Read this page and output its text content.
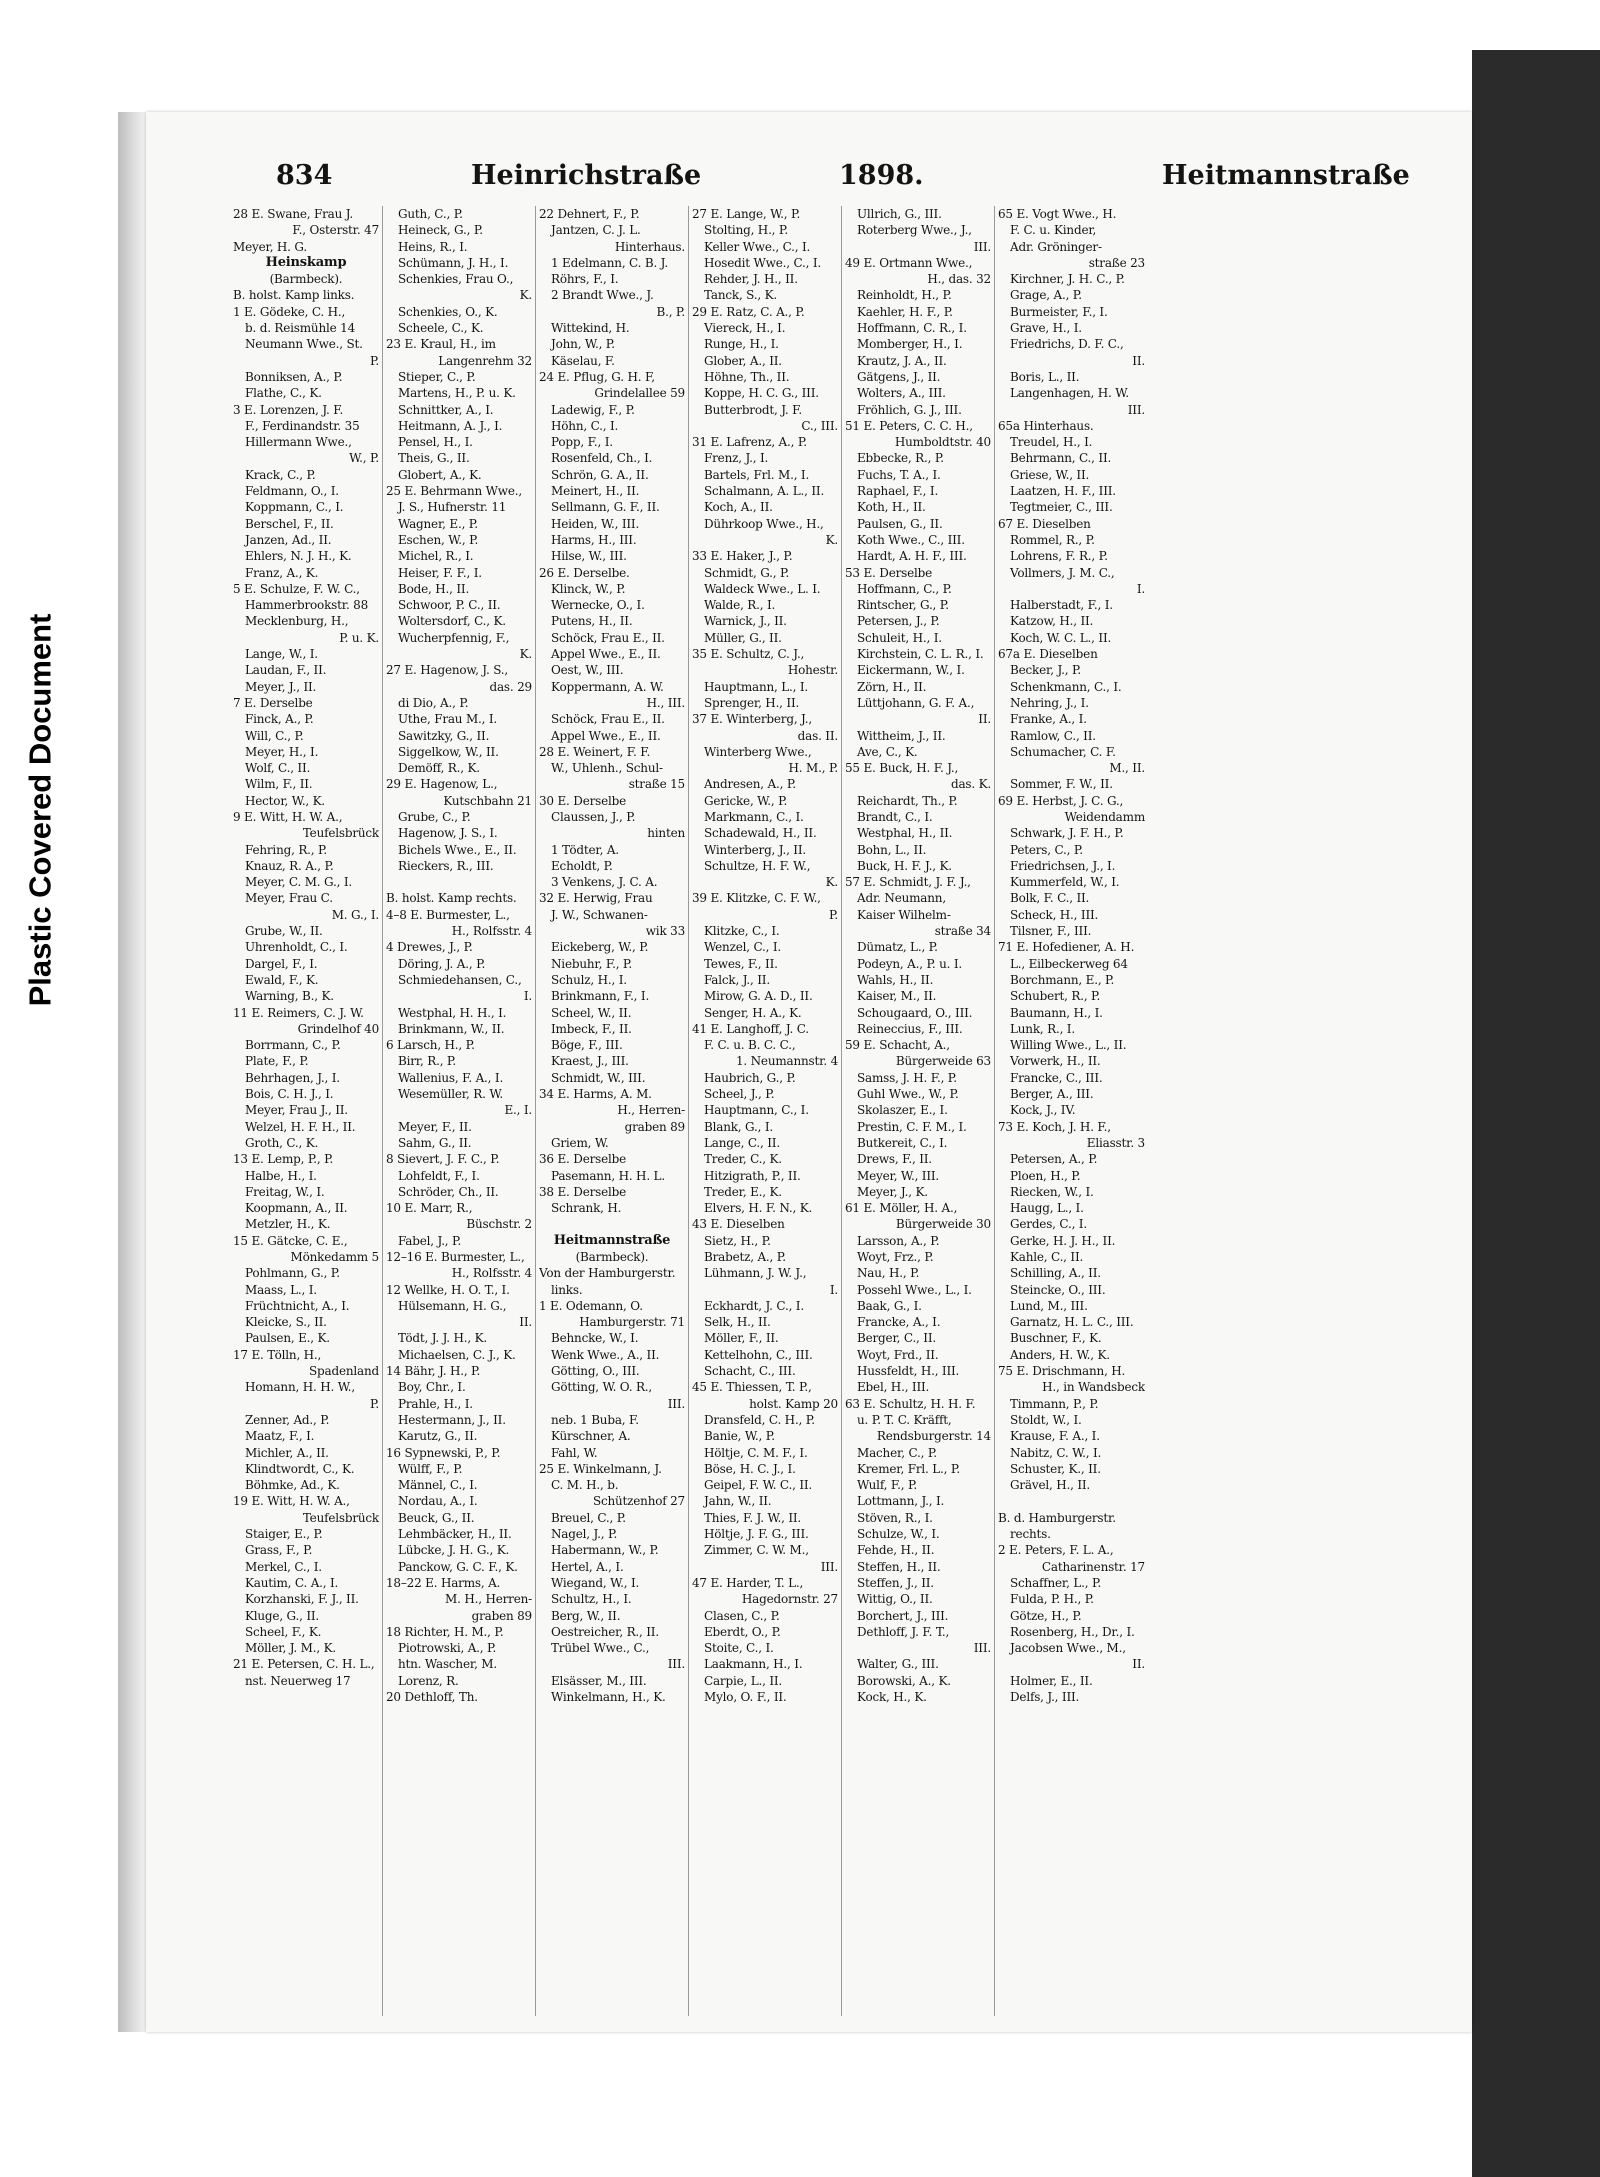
Plastic Covered Document
834	Heinrichstraße	1898.	Heitmannstraße
28 E. Swane, Frau J.
F., Osterstr. 47
Meyer, H. G.
Heinskamp
(Barmbeck).
B. holst. Kamp links.
1 E. Gödeke, C. H.,
b. d. Reismühle 14
Neumann Wwe., St.
P.
Bonniksen, A., P.
Flathe, C., K.
3 E. Lorenzen, J. F.
F., Ferdinandstr. 35
Hillermann Wwe.,
W., P.
Krack, C., P.
Feldmann, O., I.
Koppmann, C., I.
Berschel, F., II.
Janzen, Ad., II.
Ehlers, N. J. H., K.
Franz, A., K.
5 E. Schulze, F. W. C.,
Hammerbrookstr. 88
Mecklenburg, H.,
P. u. K.
Lange, W., I.
Laudan, F., II.
Meyer, J., II.
7 E. Derselbe
Finck, A., P.
Will, C., P.
Meyer, H., I.
Wolf, C., II.
Wilm, F., II.
Hector, W., K.
9 E. Witt, H. W. A.,
Teufelsbrück
Fehring, R., P.
Knauz, R. A., P.
Meyer, C. M. G., I.
Meyer, Frau C.
M. G., I.
Grube, W., II.
Uhrenholdt, C., I.
Dargel, F., I.
Ewald, F., K.
Warning, B., K.
11 E. Reimers, C. J. W.
Grindelhof 40
Borrmann, C., P.
Plate, F., P.
Behrhagen, J., I.
Bois, C. H. J., I.
Meyer, Frau J., II.
Welzel, H. F. H., II.
Groth, C., K.
13 E. Lemp, P., P.
Halbe, H., I.
Freitag, W., I.
Koopmann, A., II.
Metzler, H., K.
15 E. Gätcke, C. E.,
Mönkedamm 5
Pohlmann, G., P.
Maass, L., I.
Früchtnicht, A., I.
Kleicke, S., II.
Paulsen, E., K.
17 E. Tölln, H.,
Spadenland
Homann, H. H. W.,
P.
Zenner, Ad., P.
Maatz, F., I.
Michler, A., II.
Klindtwordt, C., K.
Böhmke, Ad., K.
19 E. Witt, H. W. A.,
Teufelsbrück
Staiger, E., P.
Grass, F., P.
Merkel, C., I.
Kautim, C. A., I.
Korzhanski, F. J., II.
Kluge, G., II.
Scheel, F., K.
Möller, J. M., K.
21 E. Petersen, C. H. L.,
nst. Neuerweg 17
Guth, C., P.
Heineck, G., P.
Heins, R., I.
Schümann, J. H., I.
Schenkies, Frau O.,
K.
Schenkies, O., K.
Scheele, C., K.
23 E. Kraul, H., im
Langenrehm 32
Stieper, C., P.
Martens, H., P. u. K.
Schnittker, A., I.
Heitmann, A. J., I.
Pensel, H., I.
Theis, G., II.
Globert, A., K.
25 E. Behrmann Wwe.,
J. S., Hufnerstr. 11
Wagner, E., P.
Eschen, W., P.
Michel, R., I.
Heiser, F. F., I.
Bode, H., II.
Schwoor, P. C., II.
Woltersdorf, C., K.
Wucherpfennig, F.,
K.
27 E. Hagenow, J. S.,
das. 29
di Dio, A., P.
Uthe, Frau M., I.
Sawitzky, G., II.
Siggelkow, W., II.
Demöff, R., K.
29 E. Hagenow, L.,
Kutschbahn 21
Grube, C., P.
Hagenow, J. S., I.
Bichels Wwe., E., II.
Rieckers, R., III.

B. holst. Kamp rechts.
4–8 E. Burmester, L.,
H., Rolfsstr. 4
4 Drewes, J., P.
Döring, J. A., P.
Schmiedehansen, C.,
I.
Westphal, H. H., I.
Brinkmann, W., II.
6 Larsch, H., P.
Birr, R., P.
Wallenius, F. A., I.
Wesemüller, R. W.
E., I.
Meyer, F., II.
Sahm, G., II.
8 Sievert, J. F. C., P.
Lohfeldt, F., I.
Schröder, Ch., II.
10 E. Marr, R.,
Büschstr. 2
Fabel, J., P.
12–16 E. Burmester, L.,
H., Rolfsstr. 4
12 Wellke, H. O. T., I.
Hülsemann, H. G.,
II.
Tödt, J. J. H., K.
Michaelsen, C. J., K.
14 Bähr, J. H., P.
Boy, Chr., I.
Prahle, H., I.
Hestermann, J., II.
Karutz, G., II.
16 Sypnewski, P., P.
Wülff, F., P.
Männel, C., I.
Nordau, A., I.
Beuck, G., II.
Lehmbäcker, H., II.
Lübcke, J. H. G., K.
Panckow, G. C. F., K.
18–22 E. Harms, A.
M. H., Herren-
graben 89
18 Richter, H. M., P.
Piotrowski, A., P.
htn. Wascher, M.
Lorenz, R.
20 Dethloff, Th.
22 Dehnert, F., P.
Jantzen, C. J. L.
Hinterhaus.
1 Edelmann, C. B. J.
Röhrs, F., I.
2 Brandt Wwe., J.
B., P.
Wittekind, H.
John, W., P.
Käselau, F.
24 E. Pflug, G. H. F,
Grindelallee 59
Ladewig, F., P.
Höhn, C., I.
Popp, F., I.
Rosenfeld, Ch., I.
Schrön, G. A., II.
Meinert, H., II.
Sellmann, G. F., II.
Heiden, W., III.
Harms, H., III.
Hilse, W., III.
26 E. Derselbe.
Klinck, W., P.
Wernecke, O., I.
Putens, H., II.
Schöck, Frau E., II.
Appel Wwe., E., II.
Oest, W., III.
Koppermann, A. W.
H., III.
Schöck, Frau E., II.
Appel Wwe., E., II.
28 E. Weinert, F. F.
W., Uhlenh., Schul-
straße 15
30 E. Derselbe
Claussen, J., P.
hinten
1 Tödter, A.
Echoldt, P.
3 Venkens, J. C. A.
32 E. Herwig, Frau
J. W., Schwanen-
wik 33
Eickeberg, W., P.
Niebuhr, F., P.
Schulz, H., I.
Brinkmann, F., I.
Scheel, W., II.
Imbeck, F., II.
Böge, F., III.
Kraest, J., III.
Schmidt, W., III.
34 E. Harms, A. M.
H., Herren-
graben 89
Griem, W.
36 E. Derselbe
Pasemann, H. H. L.
38 E. Derselbe
Schrank, H.

Heitmannstraße
(Barmbeck).
Von der Hamburgerstr.
links.
1 E. Odemann, O.
Hamburgerstr. 71
Behncke, W., I.
Wenk Wwe., A., II.
Götting, O., III.
Götting, W. O. R.,
III.
neb. 1 Buba, F.
Kürschner, A.
Fahl, W.
25 E. Winkelmann, J.
C. M. H., b.
Schützenhof 27
Breuel, C., P.
Nagel, J., P.
Habermann, W., P.
Hertel, A., I.
Wiegand, W., I.
Schultz, H., I.
Berg, W., II.
Oestreicher, R., II.
Trübel Wwe., C.,
III.
Elsässer, M., III.
Winkelmann, H., K.
27 E. Lange, W., P.
Stolting, H., P.
Keller Wwe., C., I.
Hosedit Wwe., C., I.
Rehder, J. H., II.
Tanck, S., K.
29 E. Ratz, C. A., P.
Viereck, H., I.
Runge, H., I.
Glober, A., II.
Höhne, Th., II.
Koppe, H. C. G., III.
Butterbrodt, J. F.
C., III.
31 E. Lafrenz, A., P.
Frenz, J., I.
Bartels, Frl. M., I.
Schalmann, A. L., II.
Koch, A., II.
Dührkoop Wwe., H.,
K.
33 E. Haker, J., P.
Schmidt, G., P.
Waldeck Wwe., L. I.
Walde, R., I.
Warnick, J., II.
Müller, G., II.
35 E. Schultz, C. J.,
Hohestr.
Hauptmann, L., I.
Sprenger, H., II.
37 E. Winterberg, J.,
das. II.
Winterberg Wwe.,
H. M., P.
Andresen, A., P.
Gericke, W., P.
Markmann, C., I.
Schadewald, H., II.
Winterberg, J., II.
Schultze, H. F. W.,
K.
39 E. Klitzke, C. F. W.,
P.
Klitzke, C., I.
Wenzel, C., I.
Tewes, F., II.
Falck, J., II.
Mirow, G. A. D., II.
Senger, H. A., K.
41 E. Langhoff, J. C.
F. C. u. B. C. C.,
1. Neumannstr. 4
Haubrich, G., P.
Scheel, J., P.
Hauptmann, C., I.
Blank, G., I.
Lange, C., II.
Treder, C., K.
Hitzigrath, P., II.
Treder, E., K.
Elvers, H. F. N., K.
43 E. Dieselben
Sietz, H., P.
Brabetz, A., P.
Lühmann, J. W. J.,
I.
Eckhardt, J. C., I.
Selk, H., II.
Möller, F., II.
Kettelhohn, C., III.
Schacht, C., III.
45 E. Thiessen, T. P.,
holst. Kamp 20
Dransfeld, C. H., P.
Banie, W., P.
Höltje, C. M. F., I.
Böse, H. C. J., I.
Geipel, F. W. C., II.
Jahn, W., II.
Thies, F. J. W., II.
Höltje, J. F. G., III.
Zimmer, C. W. M.,
III.
47 E. Harder, T. L.,
Hagedornstr. 27
Clasen, C., P.
Eberdt, O., P.
Stoite, C., I.
Laakmann, H., I.
Carpie, L., II.
Mylo, O. F., II.
Ullrich, G., III.
Roterberg Wwe., J.,
III.
49 E. Ortmann Wwe.,
H., das. 32
Reinholdt, H., P.
Kaehler, H. F., P.
Hoffmann, C. R., I.
Momberger, H., I.
Krautz, J. A., II.
Gätgens, J., II.
Wolters, A., III.
Fröhlich, G. J., III.
51 E. Peters, C. C. H.,
Humboldtstr. 40
Ebbecke, R., P.
Fuchs, T. A., I.
Raphael, F., I.
Koth, H., II.
Paulsen, G., II.
Koth Wwe., C., III.
Hardt, A. H. F., III.
53 E. Derselbe
Hoffmann, C., P.
Rintscher, G., P.
Petersen, J., P.
Schuleit, H., I.
Kirchstein, C. L. R., I.
Eickermann, W., I.
Zörn, H., II.
Lüttjohann, G. F. A.,
II.
Wittheim, J., II.
Ave, C., K.
55 E. Buck, H. F. J.,
das. K.
Reichardt, Th., P.
Brandt, C., I.
Westphal, H., II.
Bohn, L., II.
Buck, H. F. J., K.
57 E. Schmidt, J. F. J.,
Adr. Neumann,
Kaiser Wilhelm-
straße 34
Dümatz, L., P.
Podeyn, A., P. u. I.
Wahls, H., II.
Kaiser, M., II.
Schougaard, O., III.
Reineccius, F., III.
59 E. Schacht, A.,
Bürgerweide 63
Samss, J. H. F., P.
Guhl Wwe., W., P.
Skolaszer, E., I.
Prestin, C. F. M., I.
Butkereit, C., I.
Drews, F., II.
Meyer, W., III.
Meyer, J., K.
61 E. Möller, H. A.,
Bürgerweide 30
Larsson, A., P.
Woyt, Frz., P.
Nau, H., P.
Possehl Wwe., L., I.
Baak, G., I.
Francke, A., I.
Berger, C., II.
Woyt, Frd., II.
Hussfeldt, H., III.
Ebel, H., III.
63 E. Schultz, H. H. F.
u. P. T. C. Kräfft,
Rendsburgerstr. 14
Macher, C., P.
Kremer, Frl. L., P.
Wulf, F., P.
Lottmann, J., I.
Stöven, R., I.
Schulze, W., I.
Fehde, H., II.
Steffen, H., II.
Steffen, J., II.
Wittig, O., II.
Borchert, J., III.
Dethloff, J. F. T.,
III.
Walter, G., III.
Borowski, A., K.
Kock, H., K.
65 E. Vogt Wwe., H.
F. C. u. Kinder,
Adr. Gröninger-
straße 23
Kirchner, J. H. C., P.
Grage, A., P.
Burmeister, F., I.
Grave, H., I.
Friedrichs, D. F. C.,
II.
Boris, L., II.
Langenhagen, H. W.
III.
65a Hinterhaus.
Treudel, H., I.
Behrmann, C., II.
Griese, W., II.
Laatzen, H. F., III.
Tegtmeier, C., III.
67 E. Dieselben
Rommel, R., P.
Lohrens, F. R., P.
Vollmers, J. M. C.,
I.
Halberstadt, F., I.
Katzow, H., II.
Koch, W. C. L., II.
67a E. Dieselben
Becker, J., P.
Schenkmann, C., I.
Nehring, J., I.
Franke, A., I.
Ramlow, C., II.
Schumacher, C. F.
M., II.
Sommer, F. W., II.
69 E. Herbst, J. C. G.,
Weidendamm
Schwark, J. F. H., P.
Peters, C., P.
Friedrichsen, J., I.
Kummerfeld, W., I.
Bolk, F. C., II.
Scheck, H., III.
Tilsner, F., III.
71 E. Hofediener, A. H.
L., Eilbeckerweg 64
Borchmann, E., P.
Schubert, R., P.
Baumann, H., I.
Lunk, R., I.
Willing Wwe., L., II.
Vorwerk, H., II.
Francke, C., III.
Berger, A., III.
Kock, J., IV.
73 E. Koch, J. H. F.,
Eliasstr. 3
Petersen, A., P.
Ploen, H., P.
Riecken, W., I.
Haugg, L., I.
Gerdes, C., I.
Gerke, H. J. H., II.
Kahle, C., II.
Schilling, A., II.
Steincke, O., III.
Lund, M., III.
Garnatz, H. L. C., III.
Buschner, F., K.
Anders, H. W., K.
75 E. Drischmann, H.
H., in Wandsbeck
Timmann, P., P.
Stoldt, W., I.
Krause, F. A., I.
Nabitz, C. W., I.
Schuster, K., II.
Grävel, H., II.

B. d. Hamburgerstr.
rechts.
2 E. Peters, F. L. A.,
Catharinenstr. 17
Schaffner, L., P.
Fulda, P. H., P.
Götze, H., P.
Rosenberg, H., Dr., I.
Jacobsen Wwe., M.,
II.
Holmer, E., II.
Delfs, J., III.
